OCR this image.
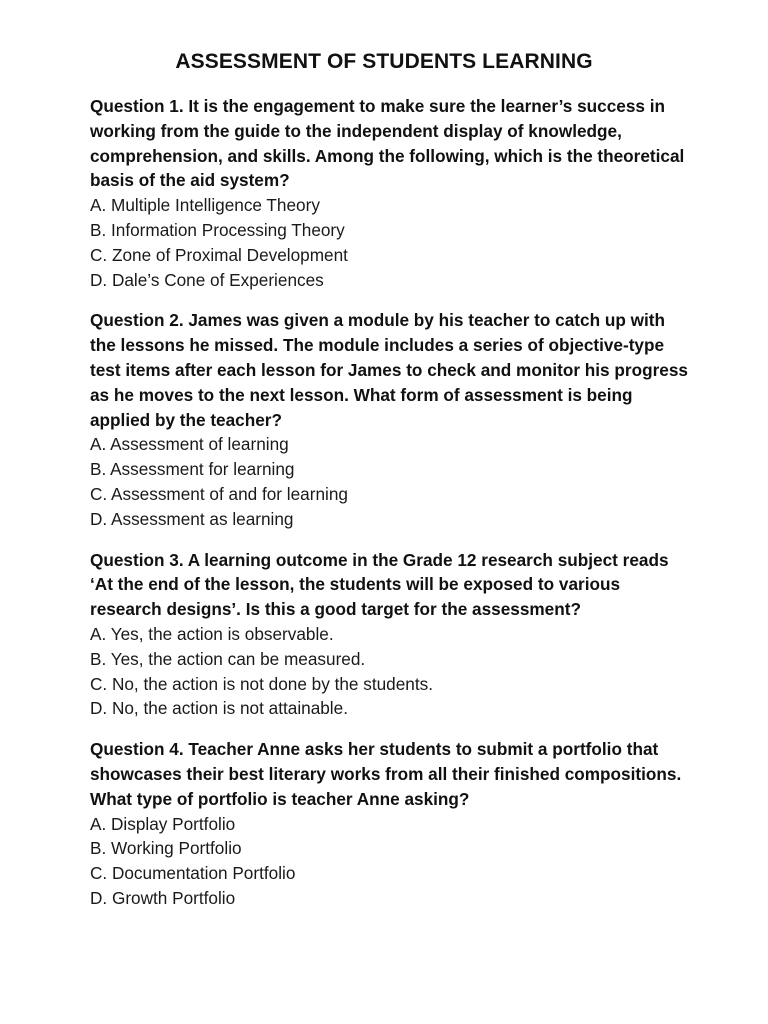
ASSESSMENT OF STUDENTS LEARNING

Question 1. It is the engagement to make sure the learner’s success in working from the guide to the independent display of knowledge, comprehension, and skills. Among the following, which is the theoretical basis of the aid system?

A. Multiple Intelligence Theory
B. Information Processing Theory
C. Zone of Proximal Development
D. Dale’s Cone of Experiences

Question 2. James was given a module by his teacher to catch up with the lessons he missed. The module includes a series of objective-type test items after each lesson for James to check and monitor his progress as he moves to the next lesson. What form of assessment is being applied by the teacher?

A. Assessment of learning
B. Assessment for learning
C. Assessment of and for learning
D. Assessment as learning

Question 3. A learning outcome in the Grade 12 research subject reads ‘At the end of the lesson, the students will be exposed to various research designs’. Is this a good target for the assessment?

A. Yes, the action is observable.
B. Yes, the action can be measured.
C. No, the action is not done by the students.
D. No, the action is not attainable.

Question 4. Teacher Anne asks her students to submit a portfolio that showcases their best literary works from all their finished compositions. What type of portfolio is teacher Anne asking?

A. Display Portfolio
B. Working Portfolio
C. Documentation Portfolio
D. Growth Portfolio
